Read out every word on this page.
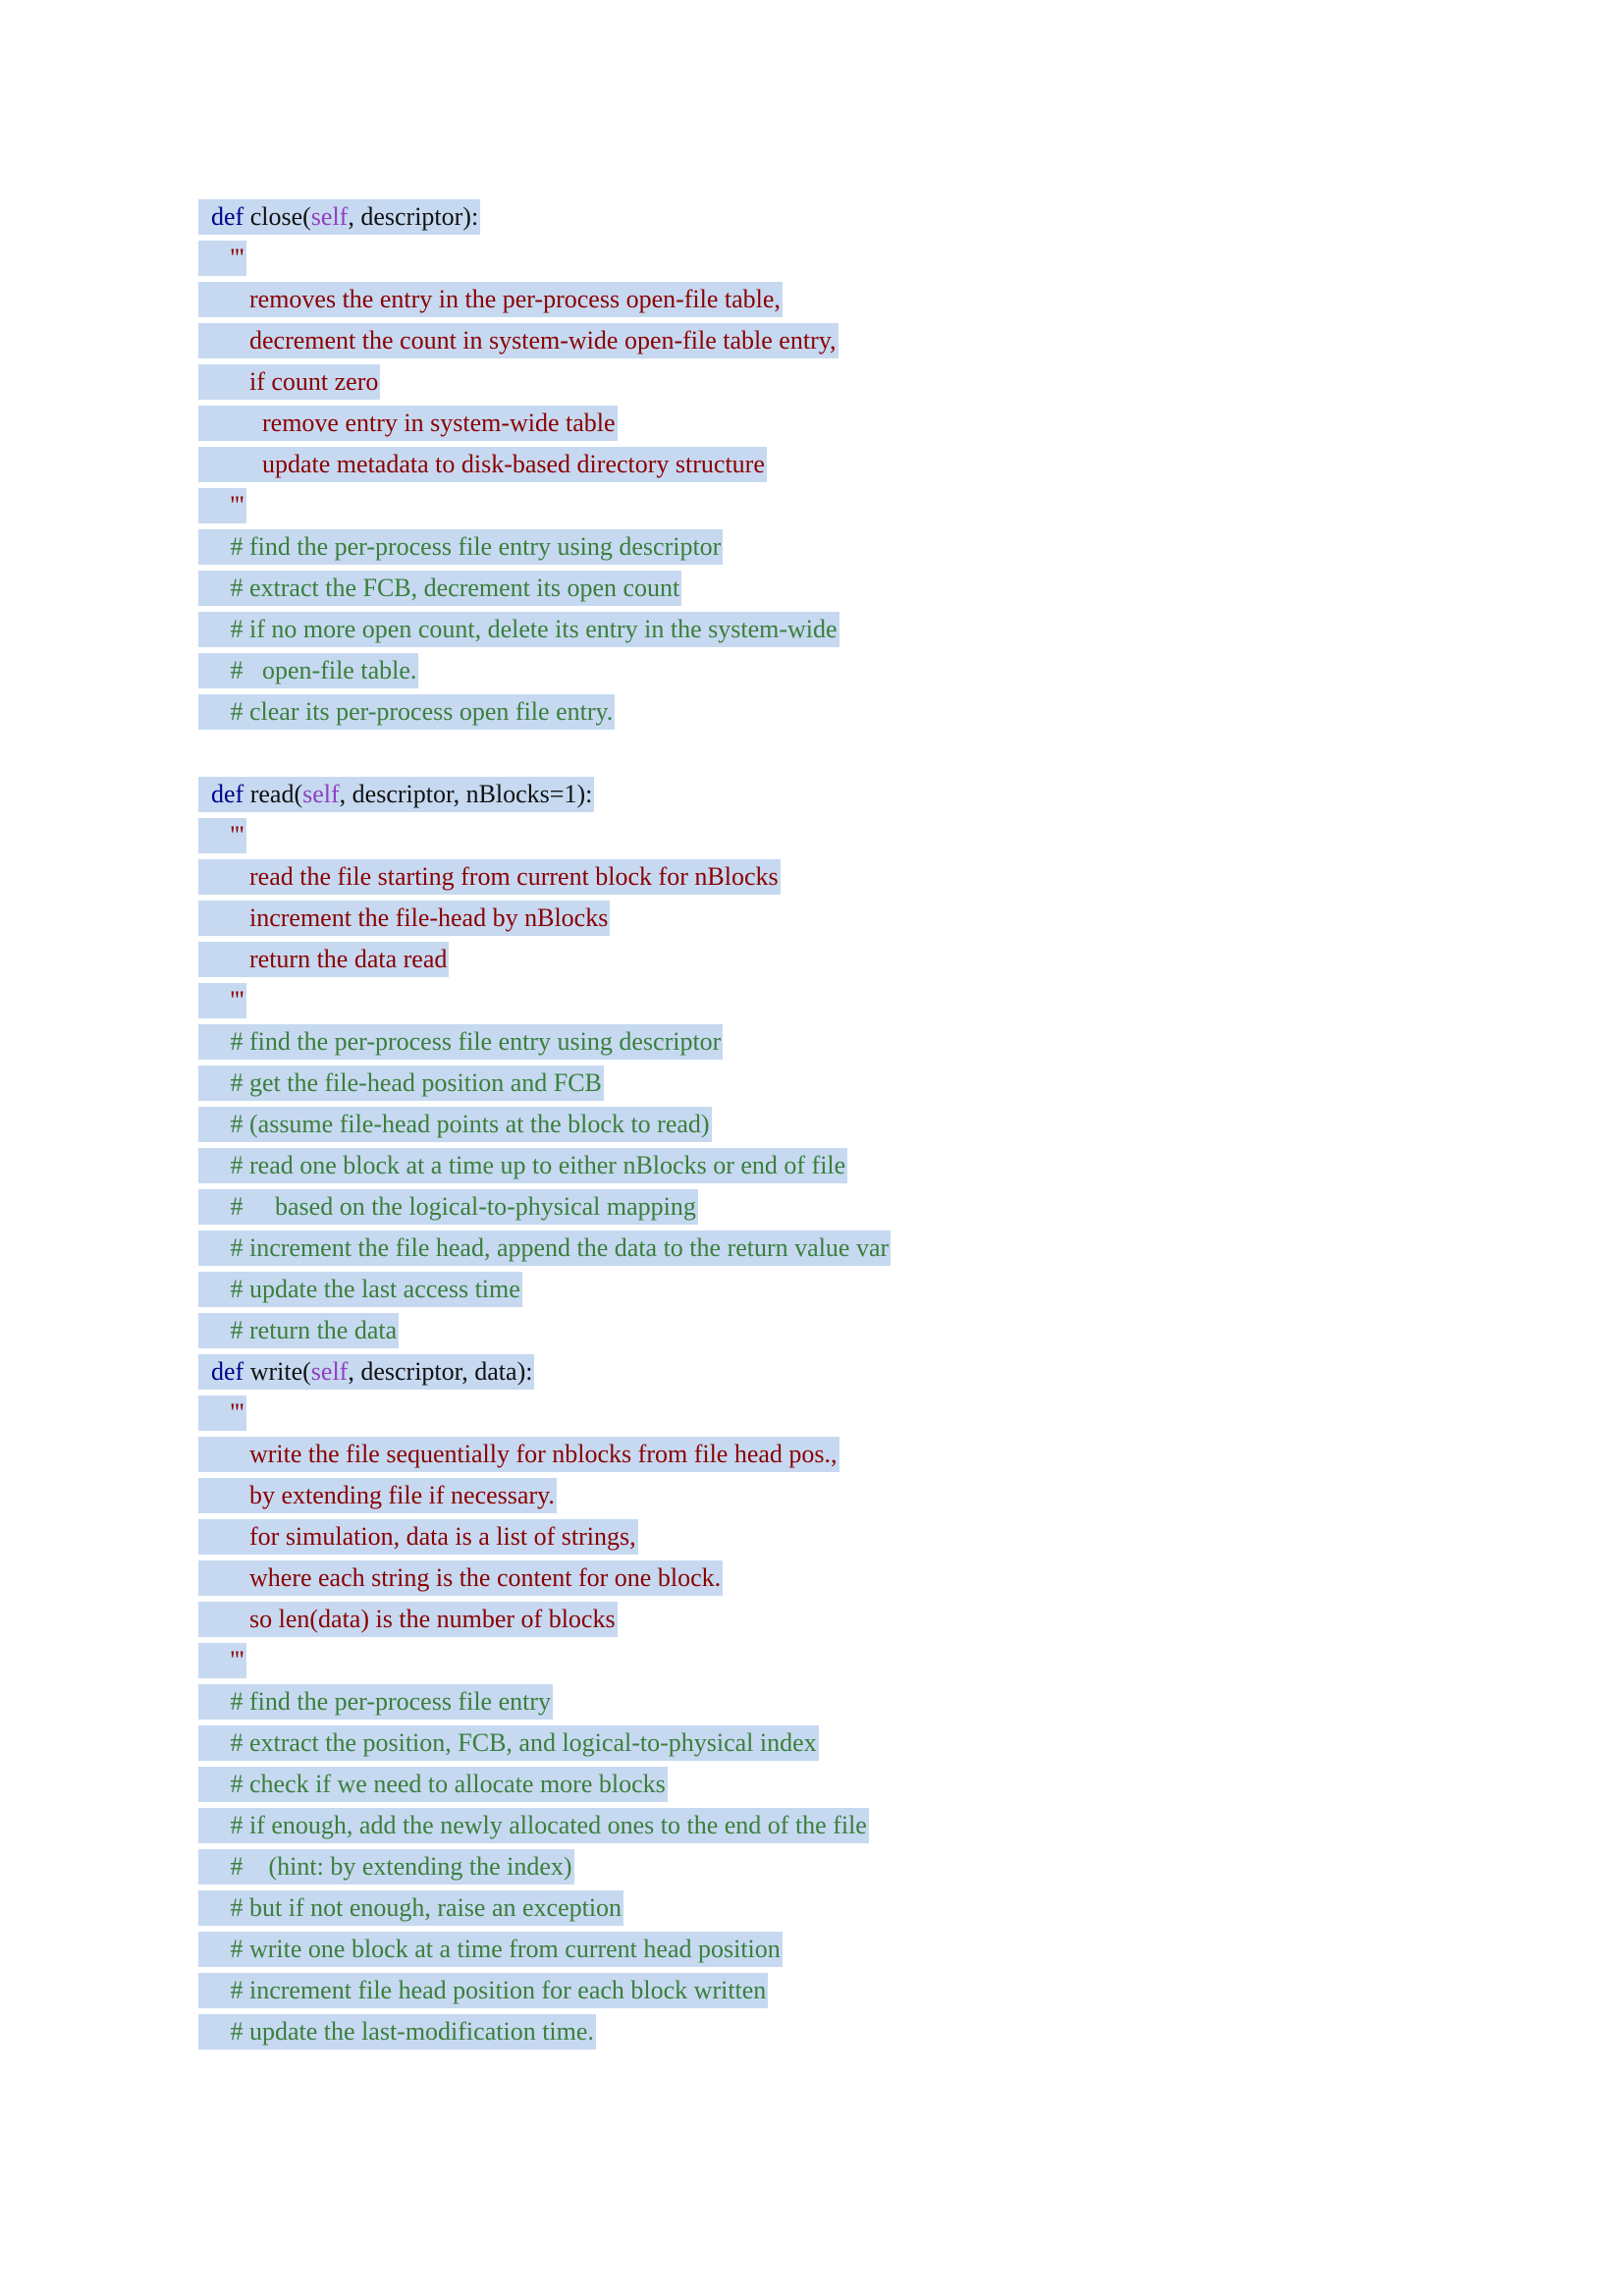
def close(self, descriptor):
'''
removes the entry in the per-process open-file table,
decrement the count in system-wide open-file table entry,
if count zero
remove entry in system-wide table
update metadata to disk-based directory structure
'''
# find the per-process file entry using descriptor
# extract the FCB, decrement its open count
# if no more open count, delete its entry in the system-wide
#   open-file table.
# clear its per-process open file entry.
def read(self, descriptor, nBlocks=1):
'''
read the file starting from current block for nBlocks
increment the file-head by nBlocks
return the data read
'''
# find the per-process file entry using descriptor
# get the file-head position and FCB
# (assume file-head points at the block to read)
# read one block at a time up to either nBlocks or end of file
#     based on the logical-to-physical mapping
# increment the file head, append the data to the return value var
# update the last access time
# return the data
def write(self, descriptor, data):
'''
write the file sequentially for nblocks from file head pos.,
by extending file if necessary.
for simulation, data is a list of strings,
where each string is the content for one block.
so len(data) is the number of blocks
'''
# find the per-process file entry
# extract the position, FCB, and logical-to-physical index
# check if we need to allocate more blocks
# if enough, add the newly allocated ones to the end of the file
#    (hint: by extending the index)
# but if not enough, raise an exception
# write one block at a time from current head position
# increment file head position for each block written
# update the last-modification time.
